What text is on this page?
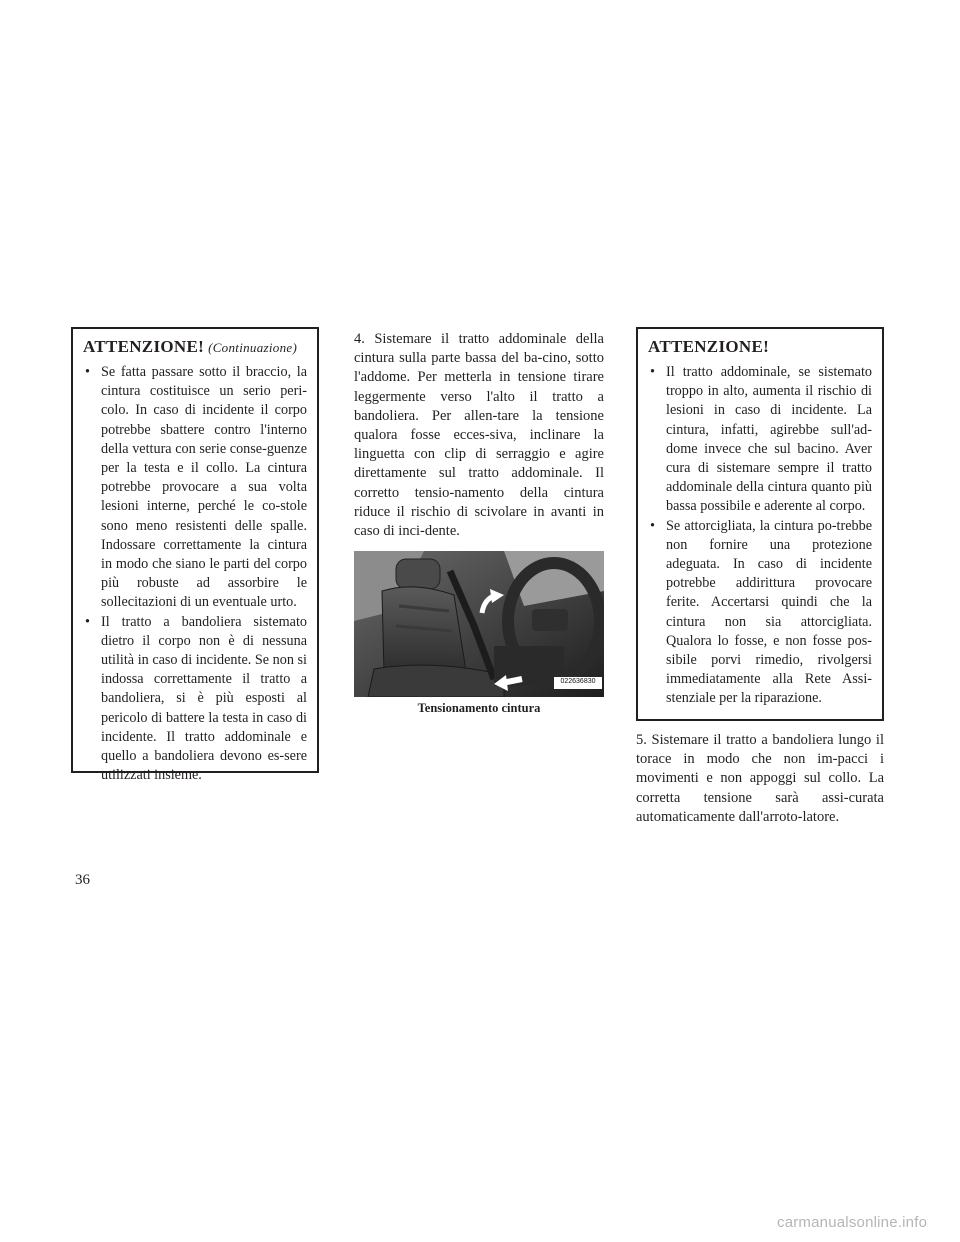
ATTENZIONE! (Continuazione)
• Se fatta passare sotto il braccio, la cintura costituisce un serio peri-colo. In caso di incidente il corpo potrebbe sbattere contro l'interno della vettura con serie conse-guenze per la testa e il collo. La cintura potrebbe provocare a sua volta lesioni interne, perché le co-stole sono meno resistenti delle spalle. Indossare correttamente la cintura in modo che siano le parti del corpo più robuste ad assorbire le sollecitazioni di un eventuale urto.
• Il tratto a bandoliera sistemato dietro il corpo non è di nessuna utilità in caso di incidente. Se non si indossa correttamente il tratto a bandoliera, si è più esposti al pericolo di battere la testa in caso di incidente. Il tratto addominale e quello a bandoliera devono es-sere utilizzati insieme.

4. Sistemare il tratto addominale della cintura sulla parte bassa del ba-cino, sotto l'addome. Per metterla in tensione tirare leggermente verso l'alto il tratto a bandoliera. Per allen-tare la tensione qualora fosse ecces-siva, inclinare la linguetta con clip di serraggio e agire direttamente sul tratto addominale. Il corretto tensio-namento della cintura riduce il rischio di scivolare in avanti in caso di inci-dente.

022636830
Tensionamento cintura
ATTENZIONE!
• Il tratto addominale, se sistemato troppo in alto, aumenta il rischio di lesioni in caso di incidente. La cintura, infatti, agirebbe sull'ad-dome invece che sul bacino. Aver cura di sistemare sempre il tratto addominale della cintura quanto più bassa possibile e aderente al corpo.
• Se attorcigliata, la cintura po-trebbe non fornire una protezione adeguata. In caso di incidente potrebbe addirittura provocare ferite. Accertarsi quindi che la cintura non sia attorcigliata. Qualora lo fosse, e non fosse pos-sibile porvi rimedio, rivolgersi immediatamente alla Rete Assi-stenziale per la riparazione.

5. Sistemare il tratto a bandoliera lungo il torace in modo che non im-pacci i movimenti e non appoggi sul collo. La corretta tensione sarà assi-curata automaticamente dall'arroto-latore.

36
carmanualsonline.info
